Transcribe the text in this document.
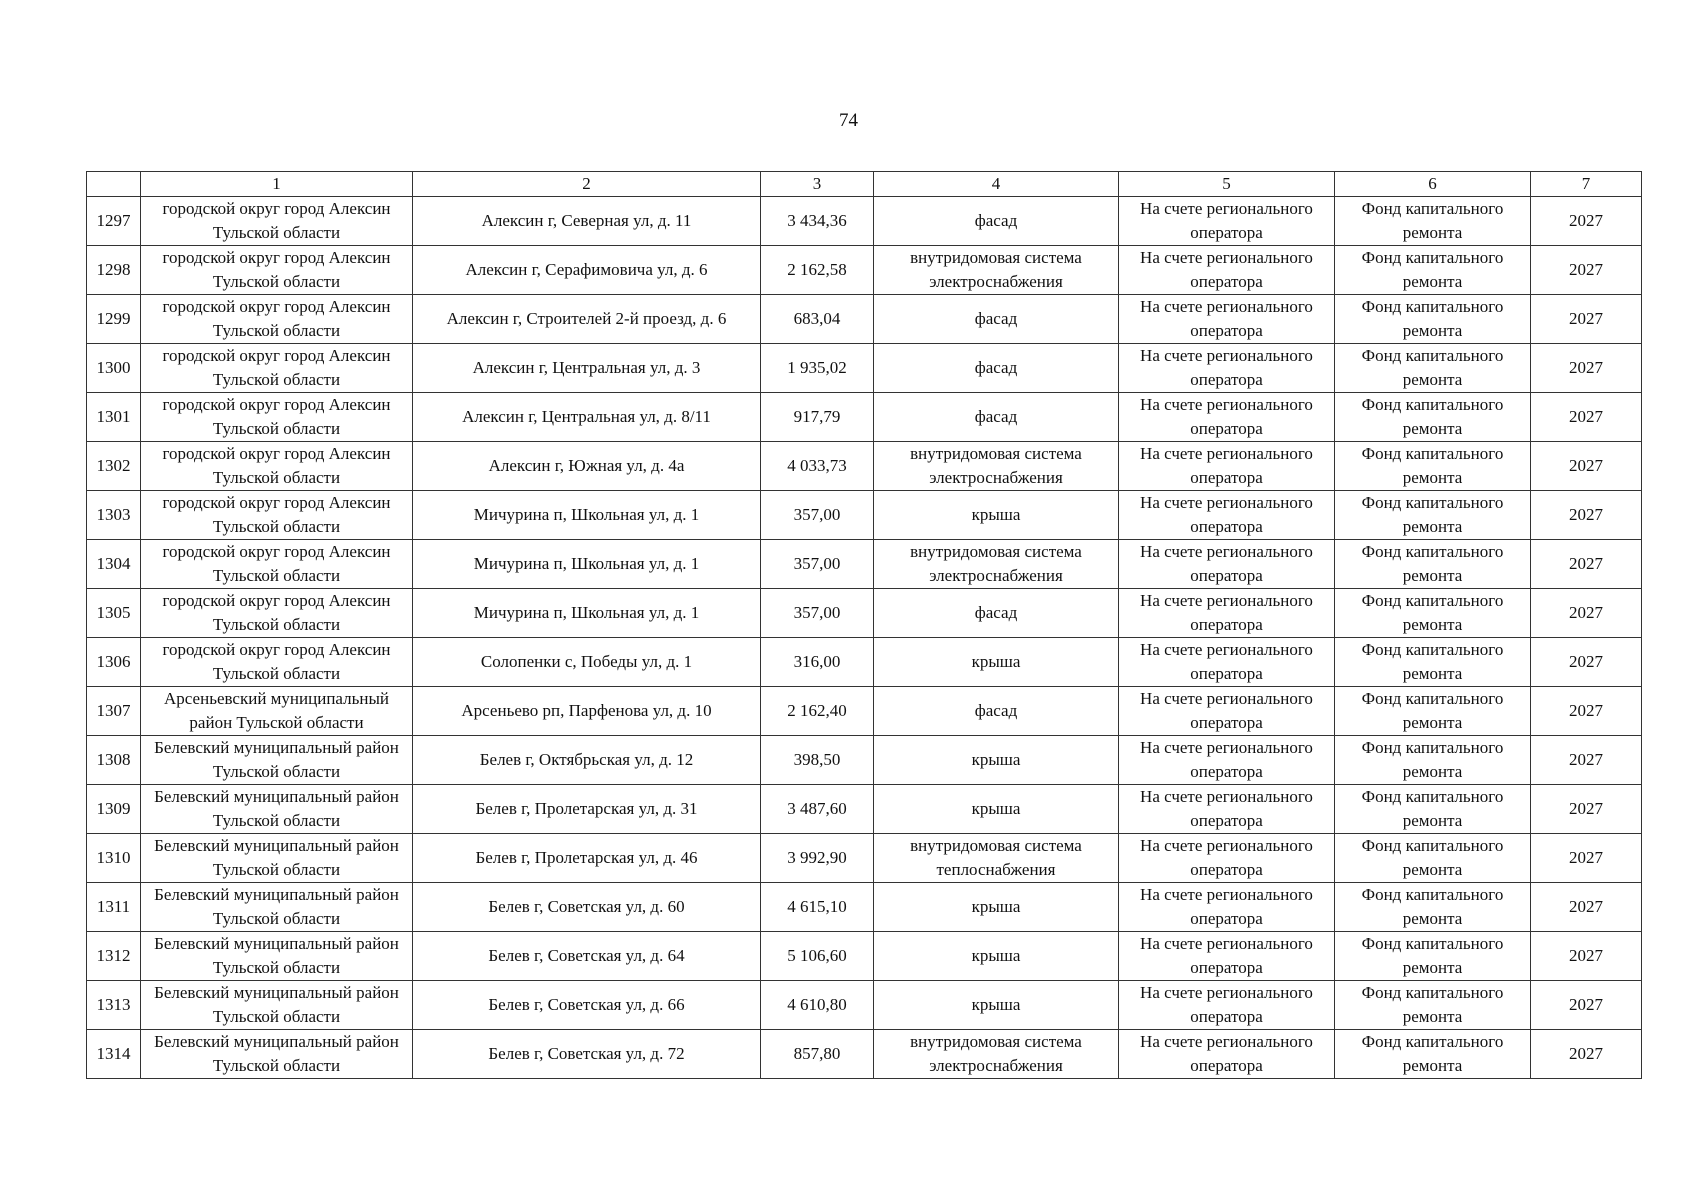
74
	1	2	3	4	5	6	7
1297	городской округ город Алексин Тульской области	Алексин г, Северная ул, д. 11	3 434,36	фасад	На счете регионального оператора	Фонд капитального ремонта	2027
1298	городской округ город Алексин Тульской области	Алексин г, Серафимовича ул, д. 6	2 162,58	внутридомовая система электроснабжения	На счете регионального оператора	Фонд капитального ремонта	2027
1299	городской округ город Алексин Тульской области	Алексин г, Строителей 2-й проезд, д. 6	683,04	фасад	На счете регионального оператора	Фонд капитального ремонта	2027
1300	городской округ город Алексин Тульской области	Алексин г, Центральная ул, д. 3	1 935,02	фасад	На счете регионального оператора	Фонд капитального ремонта	2027
1301	городской округ город Алексин Тульской области	Алексин г, Центральная ул, д. 8/11	917,79	фасад	На счете регионального оператора	Фонд капитального ремонта	2027
1302	городской округ город Алексин Тульской области	Алексин г, Южная ул, д. 4а	4 033,73	внутридомовая система электроснабжения	На счете регионального оператора	Фонд капитального ремонта	2027
1303	городской округ город Алексин Тульской области	Мичурина п, Школьная ул, д. 1	357,00	крыша	На счете регионального оператора	Фонд капитального ремонта	2027
1304	городской округ город Алексин Тульской области	Мичурина п, Школьная ул, д. 1	357,00	внутридомовая система электроснабжения	На счете регионального оператора	Фонд капитального ремонта	2027
1305	городской округ город Алексин Тульской области	Мичурина п, Школьная ул, д. 1	357,00	фасад	На счете регионального оператора	Фонд капитального ремонта	2027
1306	городской округ город Алексин Тульской области	Солопенки с, Победы ул, д. 1	316,00	крыша	На счете регионального оператора	Фонд капитального ремонта	2027
1307	Арсеньевский муниципальный район Тульской области	Арсеньево рп, Парфенова ул, д. 10	2 162,40	фасад	На счете регионального оператора	Фонд капитального ремонта	2027
1308	Белевский муниципальный район Тульской области	Белев г, Октябрьская ул, д. 12	398,50	крыша	На счете регионального оператора	Фонд капитального ремонта	2027
1309	Белевский муниципальный район Тульской области	Белев г, Пролетарская ул, д. 31	3 487,60	крыша	На счете регионального оператора	Фонд капитального ремонта	2027
1310	Белевский муниципальный район Тульской области	Белев г, Пролетарская ул, д. 46	3 992,90	внутридомовая система теплоснабжения	На счете регионального оператора	Фонд капитального ремонта	2027
1311	Белевский муниципальный район Тульской области	Белев г, Советская ул, д. 60	4 615,10	крыша	На счете регионального оператора	Фонд капитального ремонта	2027
1312	Белевский муниципальный район Тульской области	Белев г, Советская ул, д. 64	5 106,60	крыша	На счете регионального оператора	Фонд капитального ремонта	2027
1313	Белевский муниципальный район Тульской области	Белев г, Советская ул, д. 66	4 610,80	крыша	На счете регионального оператора	Фонд капитального ремонта	2027
1314	Белевский муниципальный район Тульской области	Белев г, Советская ул, д. 72	857,80	внутридомовая система электроснабжения	На счете регионального оператора	Фонд капитального ремонта	2027
